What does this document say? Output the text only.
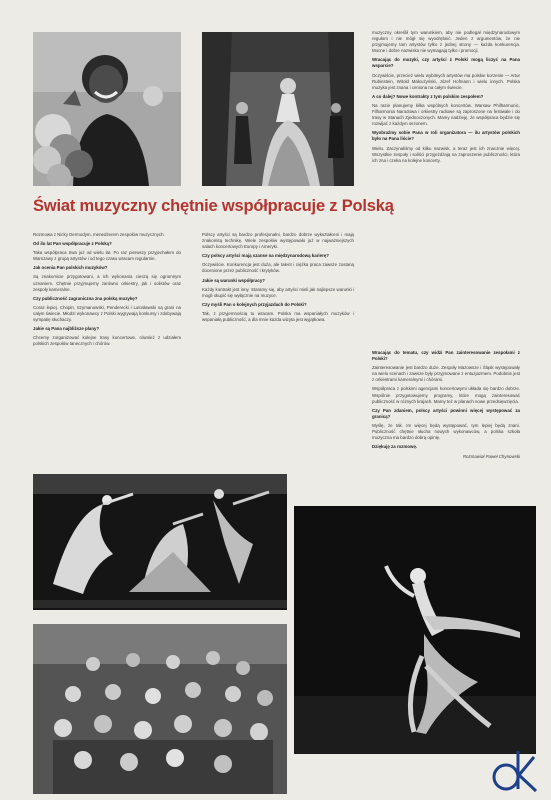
Świat muzyczny chętnie współpracuje z Polską

muzyczny określił tym warunkiem, aby nie podlegał międzynarodowym regułom i nie mógł się wyodrębnić. Jeden z argumentów, że nie przyjmujemy tam artystów tylko z jednej strony — każda konkurencja. Mocne i dobre nazwiska nie wymagają tylko i promocji.

Wracając do muzyki, czy artyści z Polski mogą liczyć na Pana wsparcie?

Oczywiście, przecież wielu wybitnych artystów ma polskie korzenie — Artur Rubinstein, Witold Małcużyński, Józef Hofmann i wielu innych. Polska muzyka jest znana i ceniona na całym świecie.

A co dalej? Nowe kontrakty z tym polskim zespołem?

Na razie planujemy kilka wspólnych koncertów. Warsaw Philharmonic, Filharmonia Narodowa i orkiestry radiowe są zaproszone na festiwale i do trasy w Stanach Zjednoczonych. Mamy nadzieję, że współpraca będzie się rozwijać z każdym sezonem.

Wyobraźmy sobie Pana w roli organizatora — ilu artystów polskich było na Pana liście?

Wielu. Zaczynaliśmy od kilku nazwisk, a teraz jest ich znacznie więcej. Wszystkie zespoły i soliści przyjeżdżają na zaproszenie publiczności, która ich zna i czeka na kolejne koncerty.

Rozmowa z Nicky Dermodym, menedżerem zespołów muzycznych.

Od ilu lat Pan współpracuje z Polską?

Taka współpraca trwa już od wielu lat. Po raz pierwszy przyjechałem do Warszawy z grupą artystów i od tego czasu wracam regularnie.

Jak ocenia Pan polskich muzyków?

Są znakomicie przygotowani, a ich wykonania cieszą się ogromnym uznaniem. Chętnie przyjmujemy zarówno orkiestry, jak i solistów oraz zespoły kameralne.

Czy publiczność zagraniczna zna polską muzykę?

Coraz lepiej. Chopin, Szymanowski, Penderecki i Lutosławski są grani na całym świecie. Młodzi wykonawcy z Polski wygrywają konkursy i zdobywają sympatię słuchaczy.

Jakie są Pana najbliższe plany?

Chcemy zorganizować kolejne trasy koncertowe, również z udziałem polskich zespołów tanecznych i chórów.

Polscy artyści są bardzo profesjonalni, bardzo dobrze wykształceni i mają znakomitą technikę. Wiele zespołów występowało już w najważniejszych salach koncertowych Europy i Ameryki.

Czy polscy artyści mają szanse na międzynarodową karierę?

Oczywiście. Konkurencja jest duża, ale talent i ciężka praca zawsze zostaną docenione przez publiczność i krytyków.

Jakie są warunki współpracy?

Każdy kontrakt jest inny. Staramy się, aby artyści mieli jak najlepsze warunki i mogli skupić się wyłącznie na muzyce.

Czy myśli Pan o kolejnych przyjazdach do Polski?

Tak, z przyjemnością tu wracam. Polska ma wspaniałych muzyków i wspaniałą publiczność, a dla mnie każda wizyta jest wyjątkowa.

Wracając do tematu, czy widzi Pan zainteresowanie zespołami z Polski?

Zainteresowanie jest bardzo duże. Zespoły Mazowsze i Śląsk występowały na wielu scenach i zawsze były przyjmowane z entuzjazmem. Podobnie jest z orkiestrami kameralnymi i chórami.

Współpraca z polskimi agencjami koncertowymi układa się bardzo dobrze. Wspólnie przygotowujemy programy, które mogą zainteresować publiczność w różnych krajach. Mamy też w planach nowe przedsięwzięcia.

Czy Pan zdaniem, polscy artyści powinni więcej występować za granicą?

Myślę, że tak. Im więcej będą występować, tym lepiej będą znani. Publiczność chętnie słucha nowych wykonawców, a polska szkoła muzyczna ma bardzo dobrą opinię.

Dziękuję za rozmowę.

Rozmawiał Paweł Chynowski
